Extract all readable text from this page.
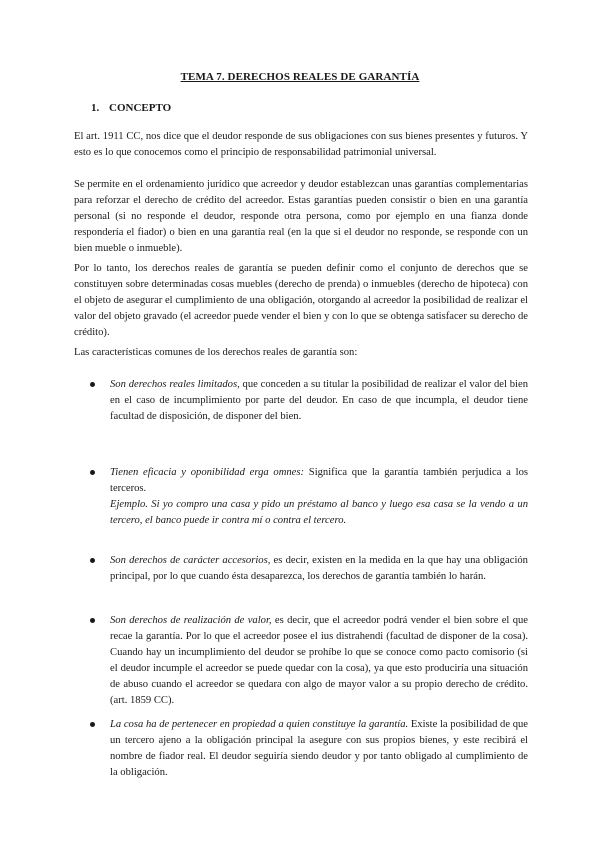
TEMA 7. DERECHOS REALES DE GARANTÍA
1. CONCEPTO

El art. 1911 CC, nos dice que el deudor responde de sus obligaciones con sus bienes presentes y futuros. Y esto es lo que conocemos como el principio de responsabilidad patrimonial universal.

Se permite en el ordenamiento jurídico que acreedor y deudor establezcan unas garantías complementarias para reforzar el derecho de crédito del acreedor. Estas garantías pueden consistir o bien en una garantía personal (si no responde el deudor, responde otra persona, como por ejemplo en una fianza donde respondería el fiador) o bien en una garantía real (en la que si el deudor no responde, se responde con un bien mueble o inmueble).

Por lo tanto, los derechos reales de garantía se pueden definir como el conjunto de derechos que se constituyen sobre determinadas cosas muebles (derecho de prenda) o inmuebles (derecho de hipoteca) con el objeto de asegurar el cumplimiento de una obligación, otorgando al acreedor la posibilidad de realizar el valor del objeto gravado (el acreedor puede vender el bien y con lo que se obtenga satisfacer su derecho de crédito).

Las características comunes de los derechos reales de garantía son:

Son derechos reales limitados, que conceden a su titular la posibilidad de realizar el valor del bien en el caso de incumplimiento por parte del deudor. En caso de que incumpla, el deudor tiene facultad de disposición, de disponer del bien.

Tienen eficacia y oponibilidad erga omnes: Significa que la garantía también perjudica a los terceros.

Ejemplo. Si yo compro una casa y pido un préstamo al banco y luego esa casa se la vendo a un tercero, el banco puede ir contra mí o contra el tercero.

Son derechos de carácter accesorios, es decir, existen en la medida en la que hay una obligación principal, por lo que cuando ésta desaparezca, los derechos de garantía también lo harán.

Son derechos de realización de valor, es decir, que el acreedor podrá vender el bien sobre el que recae la garantía. Por lo que el acreedor posee el ius distrahendi (facultad de disponer de la cosa). Cuando hay un incumplimiento del deudor se prohíbe lo que se conoce como pacto comisorio (si el deudor incumple el acreedor se puede quedar con la cosa), ya que esto produciría una situación de abuso cuando el acreedor se quedara con algo de mayor valor a su propio derecho de crédito. (art. 1859 CC).

La cosa ha de pertenecer en propiedad a quien constituye la garantía. Existe la posibilidad de que un tercero ajeno a la obligación principal la asegure con sus propios bienes, y este recibirá el nombre de fiador real. El deudor seguiría siendo deudor y por tanto obligado al cumplimiento de la obligación.
